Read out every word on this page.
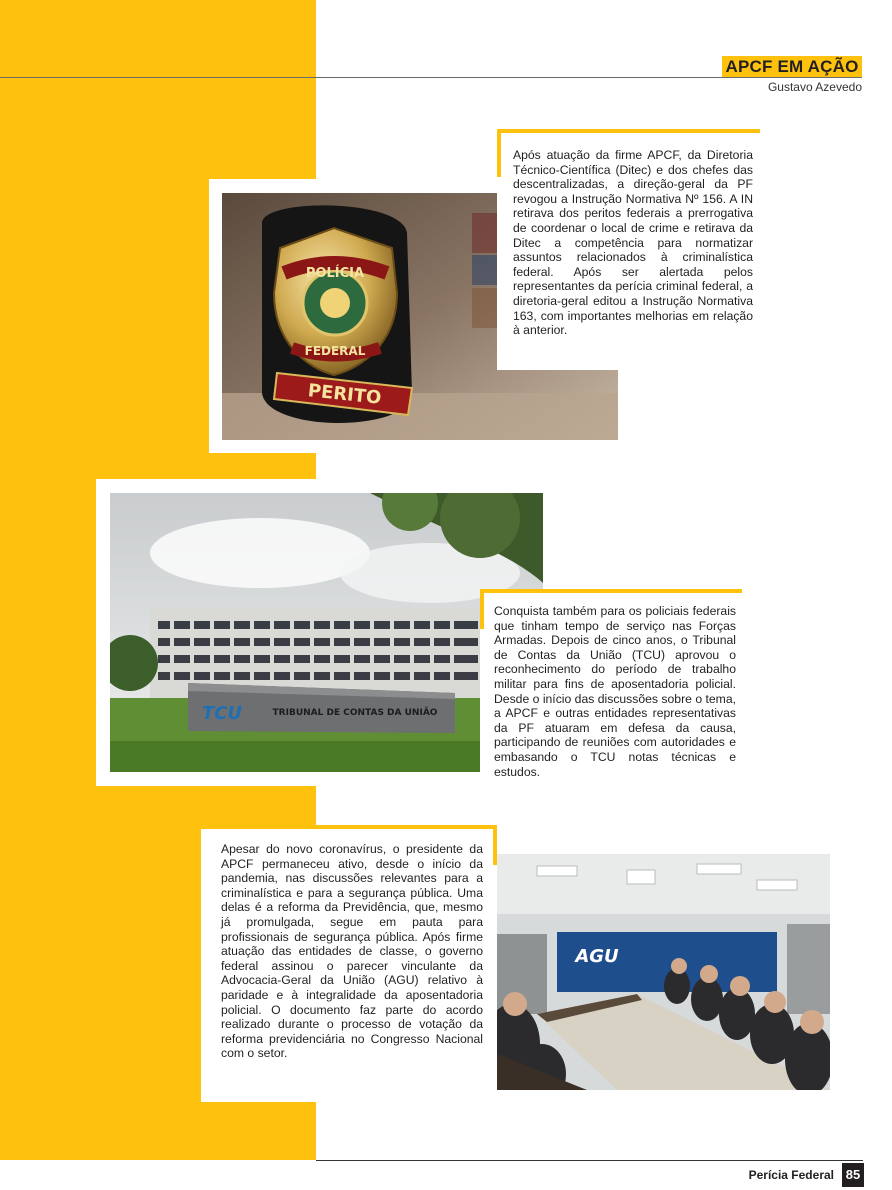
APCF EM AÇÃO
Gustavo Azevedo
POLÍCIA
FEDERAL
PERITO
Após atuação da firme APCF, da Diretoria Técnico-Científica (Ditec) e dos chefes das descentralizadas, a direção-geral da PF revogou a Instrução Normativa Nº 156. A IN retirava dos peritos federais a prerrogativa de coordenar o local de crime e retirava da Ditec a competência para normatizar assuntos relacionados à criminalística federal. Após ser alertada pelos representantes da perícia criminal federal, a diretoria-geral editou a Instrução Normativa 163, com importantes melhorias em relação à anterior.
TCU	TRIBUNAL DE CONTAS DA UNIÃO
Conquista também para os policiais federais que tinham tempo de serviço nas Forças Armadas. Depois de cinco anos, o Tribunal de Contas da União (TCU) aprovou o reconhecimento do período de trabalho militar para fins de aposentadoria policial. Desde o início das discussões sobre o tema, a APCF e outras entidades representativas da PF atuaram em defesa da causa, participando de reuniões com autoridades e embasando o TCU notas técnicas e estudos.
Apesar do novo coronavírus, o presidente da APCF permaneceu ativo, desde o início da pandemia, nas discussões relevantes para a criminalística e para a segurança pública. Uma delas é a reforma da Previdência, que, mesmo já promulgada, segue em pauta para profissionais de segurança pública. Após firme atuação das entidades de classe, o governo federal assinou o parecer vinculante da Advocacia-Geral da União (AGU) relativo à paridade e à integralidade da aposentadoria policial. O documento faz parte do acordo realizado durante o processo de votação da reforma previdenciária no Congresso Nacional com o setor.
AGU
Perícia Federal 85
